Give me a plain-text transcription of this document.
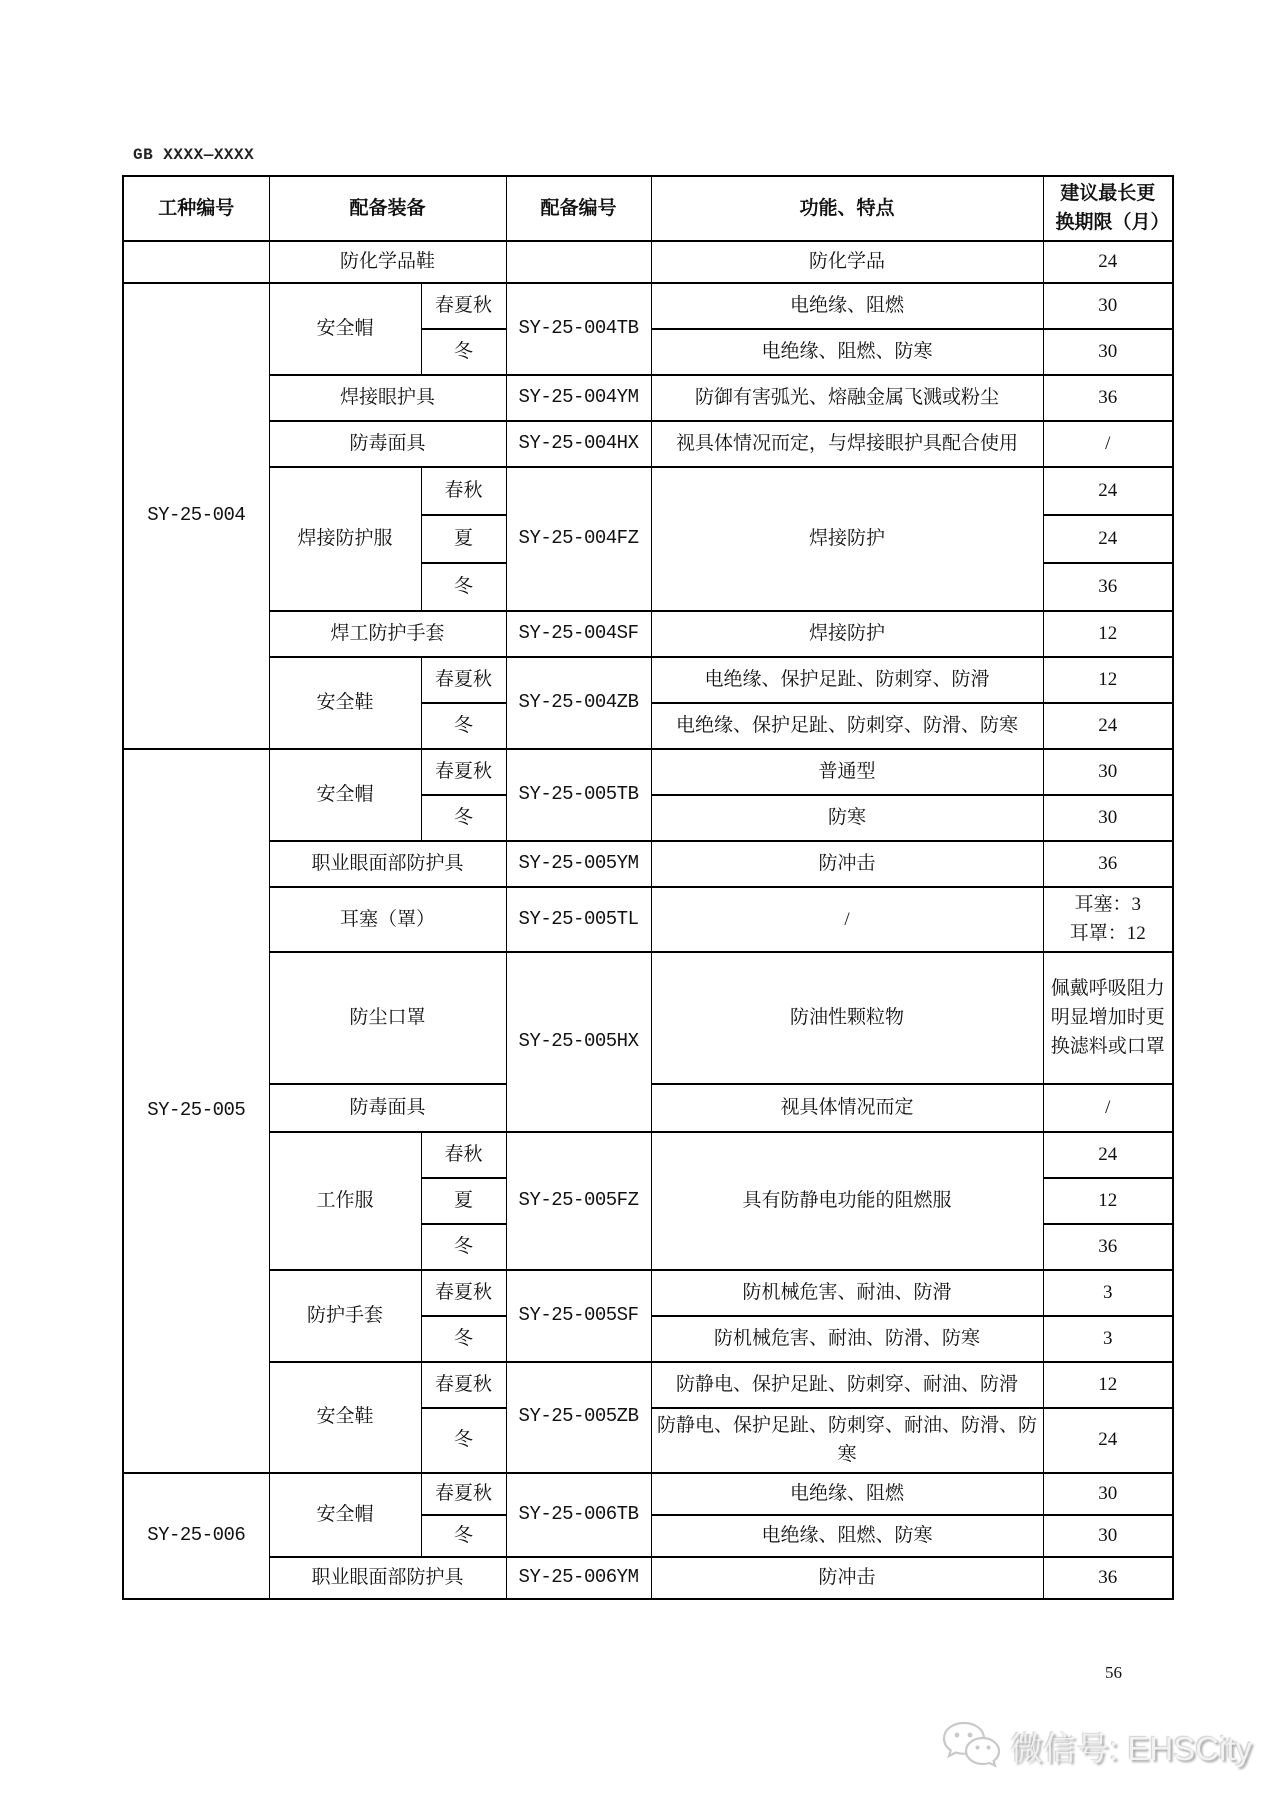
GB XXXX—XXXX
工种编号	配备装备		配备编号	功能、特点	建议最长更换期限（月）
	防化学品鞋			防化学品	24
SY-25-004	安全帽	春夏秋	SY-25-004TB	电绝缘、阻燃	30
		冬		电绝缘、阻燃、防寒	30
	焊接眼护具		SY-25-004YM	防御有害弧光、熔融金属飞溅或粉尘	36
	防毒面具		SY-25-004HX	视具体情况而定，与焊接眼护具配合使用	/
	焊接防护服	春秋	SY-25-004FZ	焊接防护	24
		夏			24
		冬			36
	焊工防护手套		SY-25-004SF	焊接防护	12
	安全鞋	春夏秋	SY-25-004ZB	电绝缘、保护足趾、防刺穿、防滑	12
		冬		电绝缘、保护足趾、防刺穿、防滑、防寒	24
SY-25-005	安全帽	春夏秋	SY-25-005TB	普通型	30
		冬		防寒	30
	职业眼面部防护具		SY-25-005YM	防冲击	36
	耳塞（罩）		SY-25-005TL	/	耳塞：3
耳罩：12

	防尘口罩		SY-25-005HX	防油性颗粒物	佩戴呼吸阻力明显增加时更换滤料或口罩
	防毒面具			视具体情况而定	/
	工作服	春秋	SY-25-005FZ	具有防静电功能的阻燃服	24
		夏			12
		冬			36
	防护手套	春夏秋	SY-25-005SF	防机械危害、耐油、防滑	3
		冬		防机械危害、耐油、防滑、防寒	3
	安全鞋	春夏秋	SY-25-005ZB	防静电、保护足趾、防刺穿、耐油、防滑	12
		冬		防静电、保护足趾、防刺穿、耐油、防滑、防寒	24
SY-25-006	安全帽	春夏秋	SY-25-006TB	电绝缘、阻燃	30
		冬		电绝缘、阻燃、防寒	30
	职业眼面部防护具		SY-25-006YM	防冲击	36
56
微信号: EHSCity
